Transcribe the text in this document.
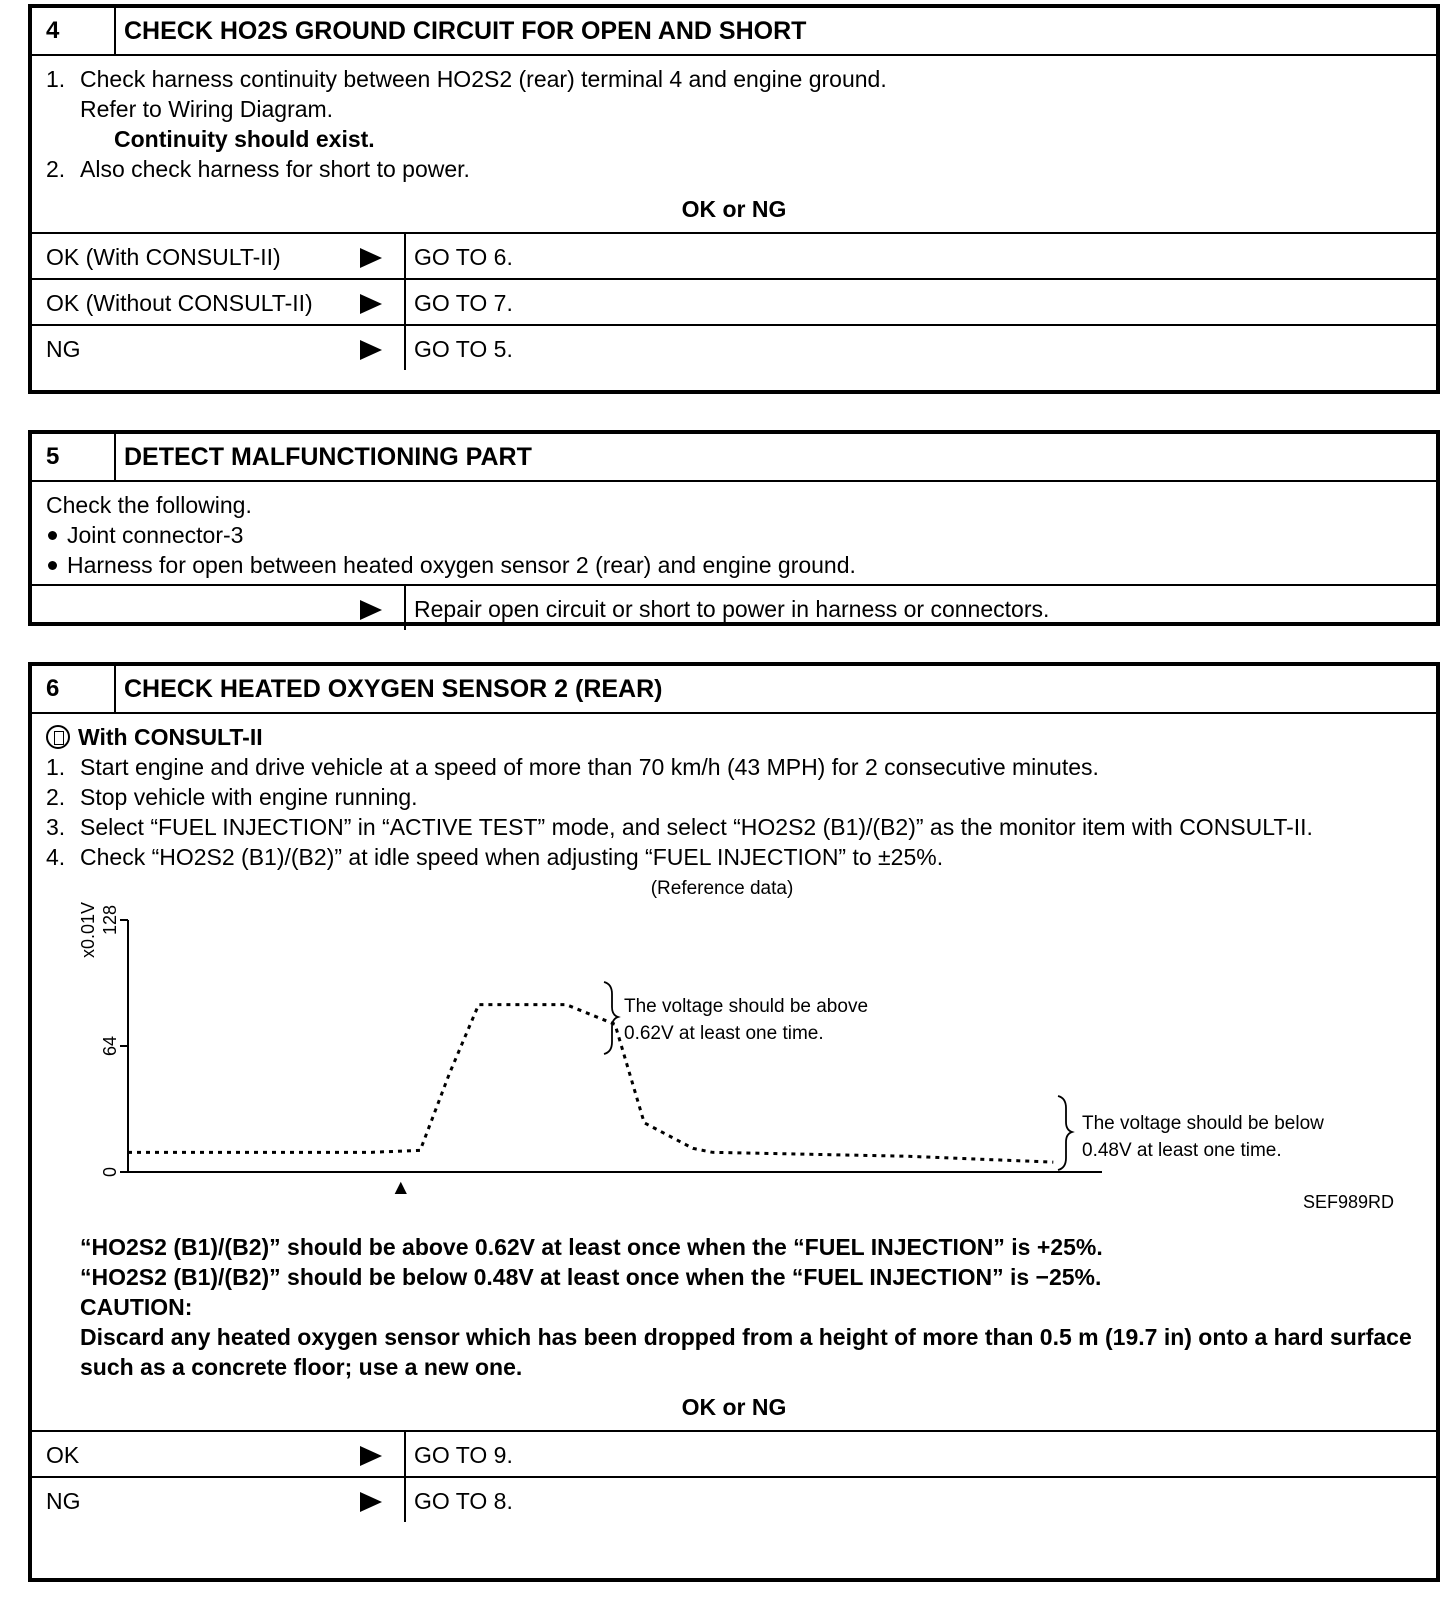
4	CHECK HO2S GROUND CIRCUIT FOR OPEN AND SHORT
1. Check harness continuity between HO2S2 (rear) terminal 4 and engine ground.
Refer to Wiring Diagram.
Continuity should exist.
2. Also check harness for short to power.
OK or NG
OK (With CONSULT-II)	GO TO 6.
OK (Without CONSULT-II)	GO TO 7.
NG	GO TO 5.
5	DETECT MALFUNCTIONING PART
Check the following.
Joint connector-3
Harness for open between heated oxygen sensor 2 (rear) and engine ground.
Repair open circuit or short to power in harness or connectors.
6	CHECK HEATED OXYGEN SENSOR 2 (REAR)
With CONSULT-II
1. Start engine and drive vehicle at a speed of more than 70 km/h (43 MPH) for 2 consecutive minutes.
2. Stop vehicle with engine running.
3. Select “FUEL INJECTION” in “ACTIVE TEST” mode, and select “HO2S2 (B1)/(B2)” as the monitor item with CONSULT-II.
4. Check “HO2S2 (B1)/(B2)” at idle speed when adjusting “FUEL INJECTION” to ±25%.
0
64
128
x0.01V
(Reference data)
The voltage should be above
0.62V at least one time.
The voltage should be below
0.48V at least one time.
▲
SEF989RD
“HO2S2 (B1)/(B2)” should be above 0.62V at least once when the “FUEL INJECTION” is +25%.
“HO2S2 (B1)/(B2)” should be below 0.48V at least once when the “FUEL INJECTION” is −25%.
CAUTION:
Discard any heated oxygen sensor which has been dropped from a height of more than 0.5 m (19.7 in) onto a hard surface such as a concrete floor; use a new one.
OK or NG
OK	GO TO 9.
NG	GO TO 8.
